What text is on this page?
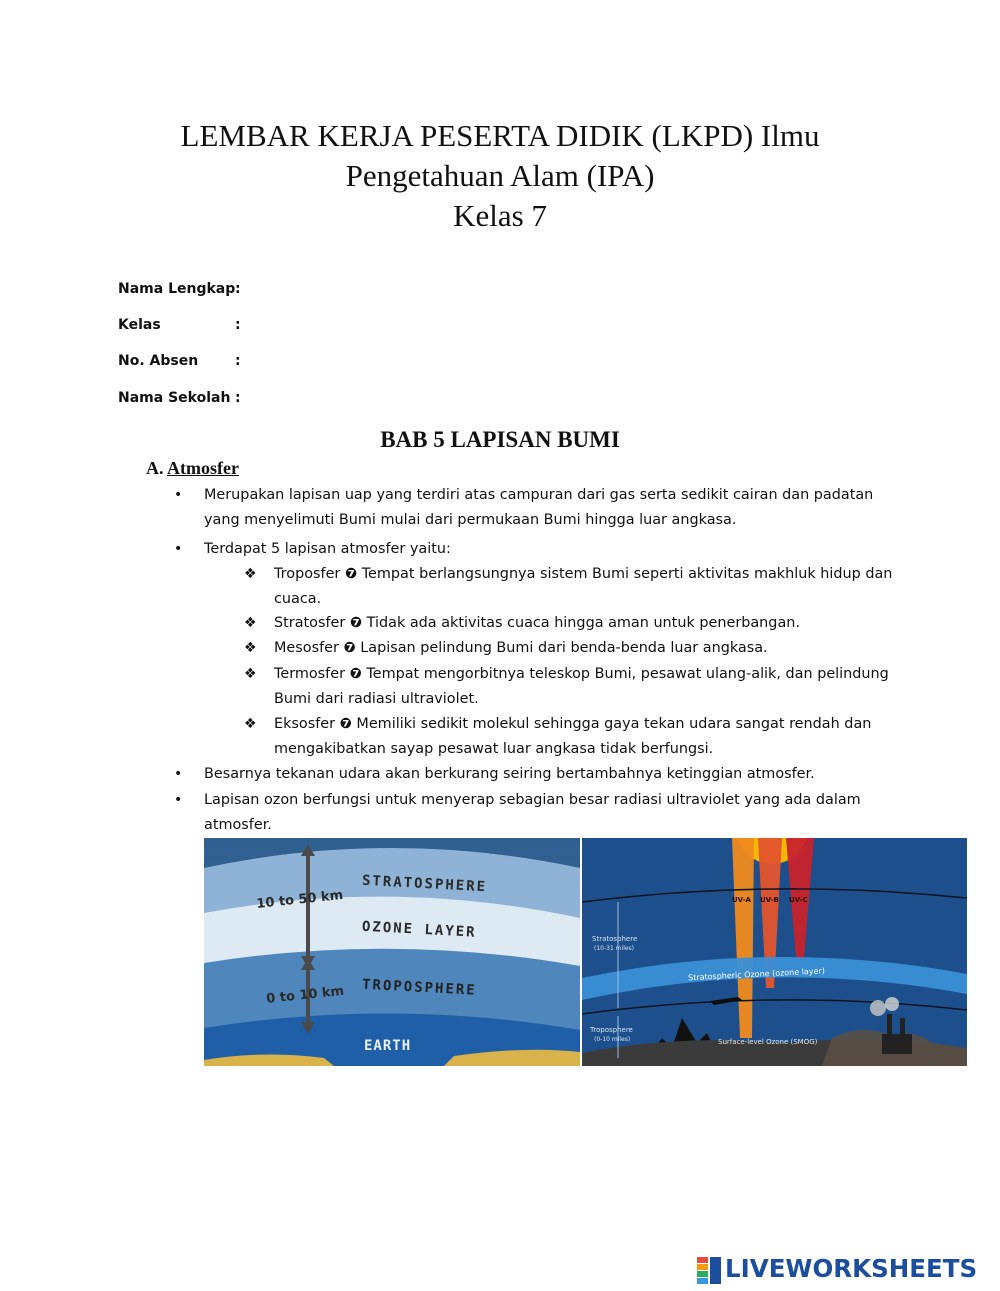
LEMBAR KERJA PESERTA DIDIK (LKPD) Ilmu
Pengetahuan Alam (IPA)
Kelas 7
Nama Lengkap :
Kelas	:
No. Absen	:
Nama Sekolah :
BAB 5 LAPISAN BUMI
A. Atmosfer
• Merupakan lapisan uap yang terdiri atas campuran dari gas serta sedikit cairan dan padatan yang menyelimuti Bumi mulai dari permukaan Bumi hingga luar angkasa.
• Terdapat 5 lapisan atmosfer yaitu:
❖ Troposfer ❼ Tempat berlangsungnya sistem Bumi seperti aktivitas makhluk hidup dan cuaca.
❖ Stratosfer ❼ Tidak ada aktivitas cuaca hingga aman untuk penerbangan.
❖ Mesosfer ❼ Lapisan pelindung Bumi dari benda-benda luar angkasa.
❖ Termosfer ❼ Tempat mengorbitnya teleskop Bumi, pesawat ulang-alik, dan pelindung Bumi dari radiasi ultraviolet.
❖ Eksosfer ❼ Memiliki sedikit molekul sehingga gaya tekan udara sangat rendah dan mengakibatkan sayap pesawat luar angkasa tidak berfungsi.
• Besarnya tekanan udara akan berkurang seiring bertambahnya ketinggian atmosfer.
• Lapisan ozon berfungsi untuk menyerap sebagian besar radiasi ultraviolet yang ada dalam atmosfer.
10 to 50 km
0 to 10 km
STRATOSPHERE
OZONE LAYER
TROPOSPHERE
EARTH
UV-A UV-B UV-C
Stratosphere
(10-31 miles)
Stratospheric Ozone (ozone layer)
Troposphere
(0-10 miles)	Surface-level Ozone (SMOG)
LIVEWORKSHEETS
